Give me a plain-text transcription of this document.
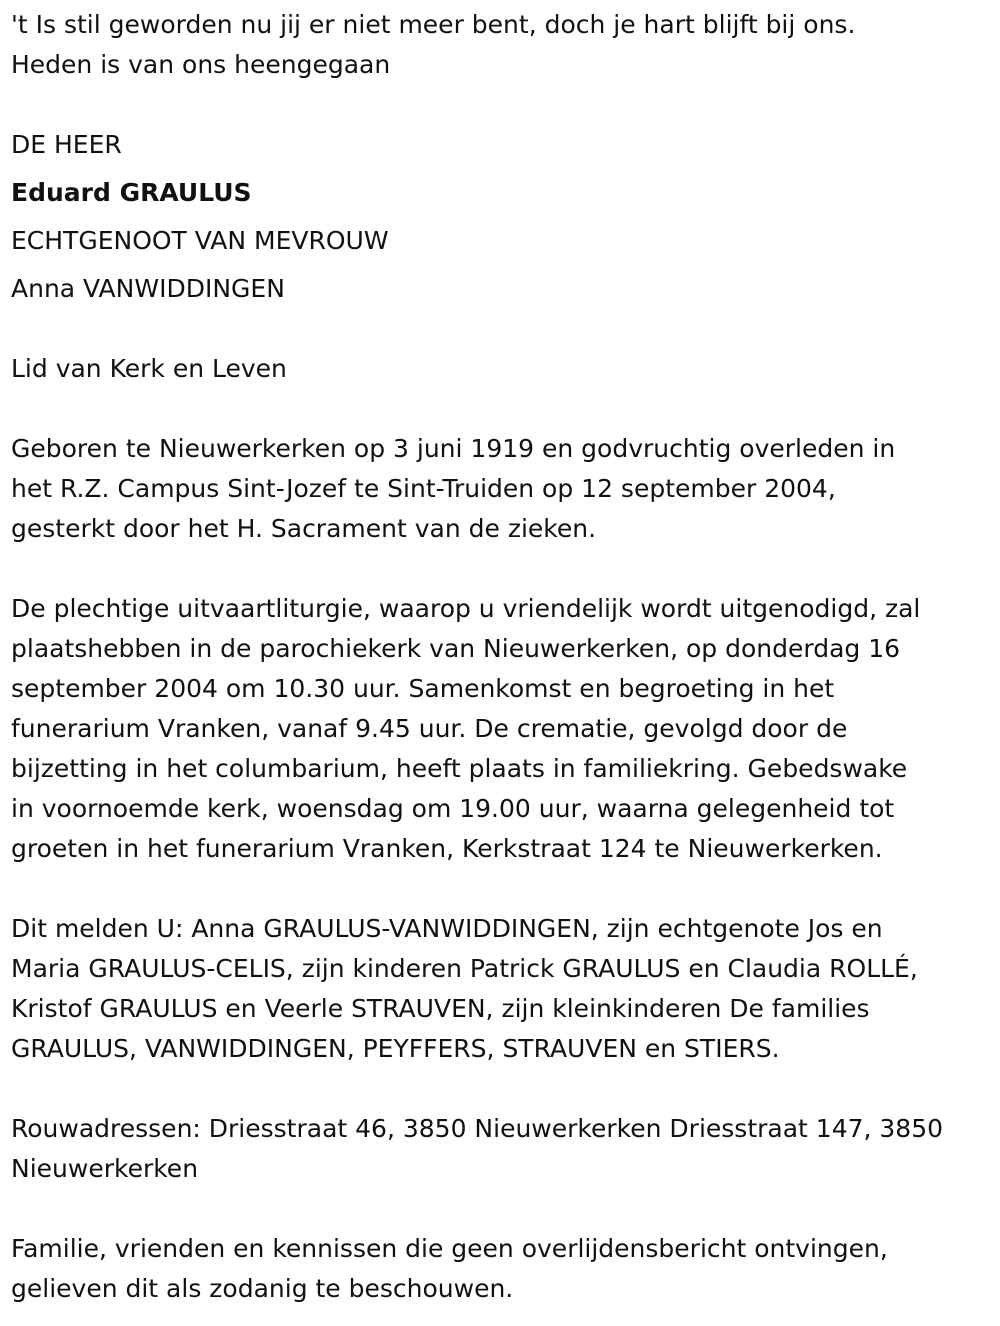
't Is stil geworden nu jij er niet meer bent, doch je hart blijft bij ons.

Heden is van ons heengegaan

DE HEER

Eduard GRAULUS

ECHTGENOOT VAN MEVROUW

Anna VANWIDDINGEN

Lid van Kerk en Leven

Geboren te Nieuwerkerken op 3 juni 1919 en godvruchtig overleden in

het R.Z. Campus Sint-Jozef te Sint-Truiden op 12 september 2004,

gesterkt door het H. Sacrament van de zieken.

De plechtige uitvaartliturgie, waarop u vriendelijk wordt uitgenodigd, zal

plaatshebben in de parochiekerk van Nieuwerkerken, op donderdag 16

september 2004 om 10.30 uur. Samenkomst en begroeting in het

funerarium Vranken, vanaf 9.45 uur. De crematie, gevolgd door de

bijzetting in het columbarium, heeft plaats in familiekring. Gebedswake

in voornoemde kerk, woensdag om 19.00 uur, waarna gelegenheid tot

groeten in het funerarium Vranken, Kerkstraat 124 te Nieuwerkerken.

Dit melden U: Anna GRAULUS-VANWIDDINGEN, zijn echtgenote Jos en

Maria GRAULUS-CELIS, zijn kinderen Patrick GRAULUS en Claudia ROLLÉ,

Kristof GRAULUS en Veerle STRAUVEN, zijn kleinkinderen De families

GRAULUS, VANWIDDINGEN, PEYFFERS, STRAUVEN en STIERS.

Rouwadressen: Driesstraat 46, 3850 Nieuwerkerken Driesstraat 147, 3850

Nieuwerkerken

Familie, vrienden en kennissen die geen overlijdensbericht ontvingen,

gelieven dit als zodanig te beschouwen.
